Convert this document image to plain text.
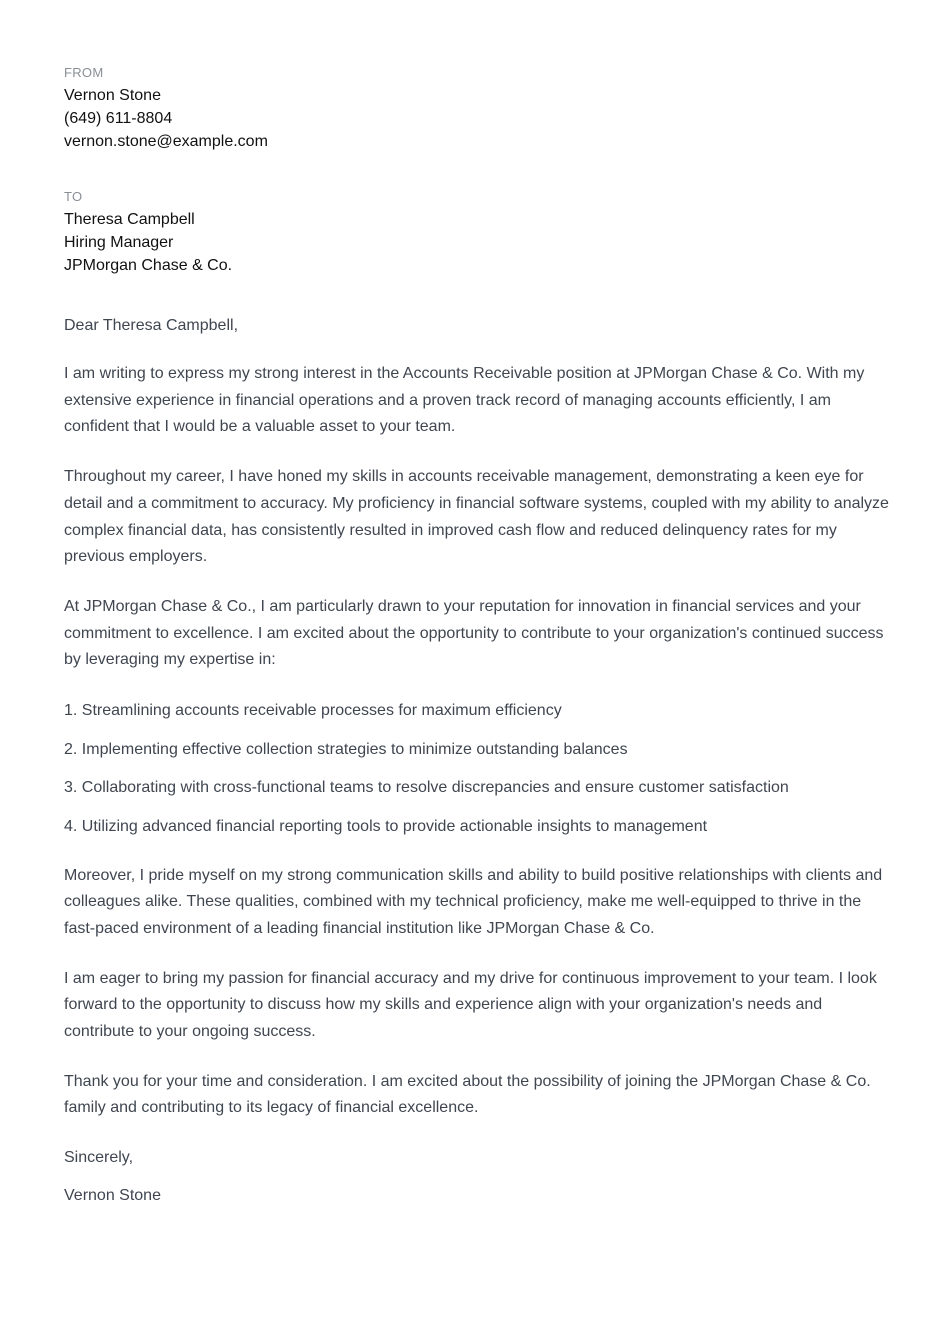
FROM
Vernon Stone
(649) 611-8804
vernon.stone@example.com
TO
Theresa Campbell
Hiring Manager
JPMorgan Chase & Co.
Dear Theresa Campbell,

I am writing to express my strong interest in the Accounts Receivable position at JPMorgan Chase & Co. With my extensive experience in financial operations and a proven track record of managing accounts efficiently, I am confident that I would be a valuable asset to your team.

Throughout my career, I have honed my skills in accounts receivable management, demonstrating a keen eye for detail and a commitment to accuracy. My proficiency in financial software systems, coupled with my ability to analyze complex financial data, has consistently resulted in improved cash flow and reduced delinquency rates for my previous employers.

At JPMorgan Chase & Co., I am particularly drawn to your reputation for innovation in financial services and your commitment to excellence. I am excited about the opportunity to contribute to your organization's continued success by leveraging my expertise in:

1. Streamlining accounts receivable processes for maximum efficiency
2. Implementing effective collection strategies to minimize outstanding balances
3. Collaborating with cross-functional teams to resolve discrepancies and ensure customer satisfaction
4. Utilizing advanced financial reporting tools to provide actionable insights to management

Moreover, I pride myself on my strong communication skills and ability to build positive relationships with clients and colleagues alike. These qualities, combined with my technical proficiency, make me well-equipped to thrive in the fast-paced environment of a leading financial institution like JPMorgan Chase & Co.

I am eager to bring my passion for financial accuracy and my drive for continuous improvement to your team. I look forward to the opportunity to discuss how my skills and experience align with your organization's needs and contribute to your ongoing success.

Thank you for your time and consideration. I am excited about the possibility of joining the JPMorgan Chase & Co. family and contributing to its legacy of financial excellence.

Sincerely,
Vernon Stone
